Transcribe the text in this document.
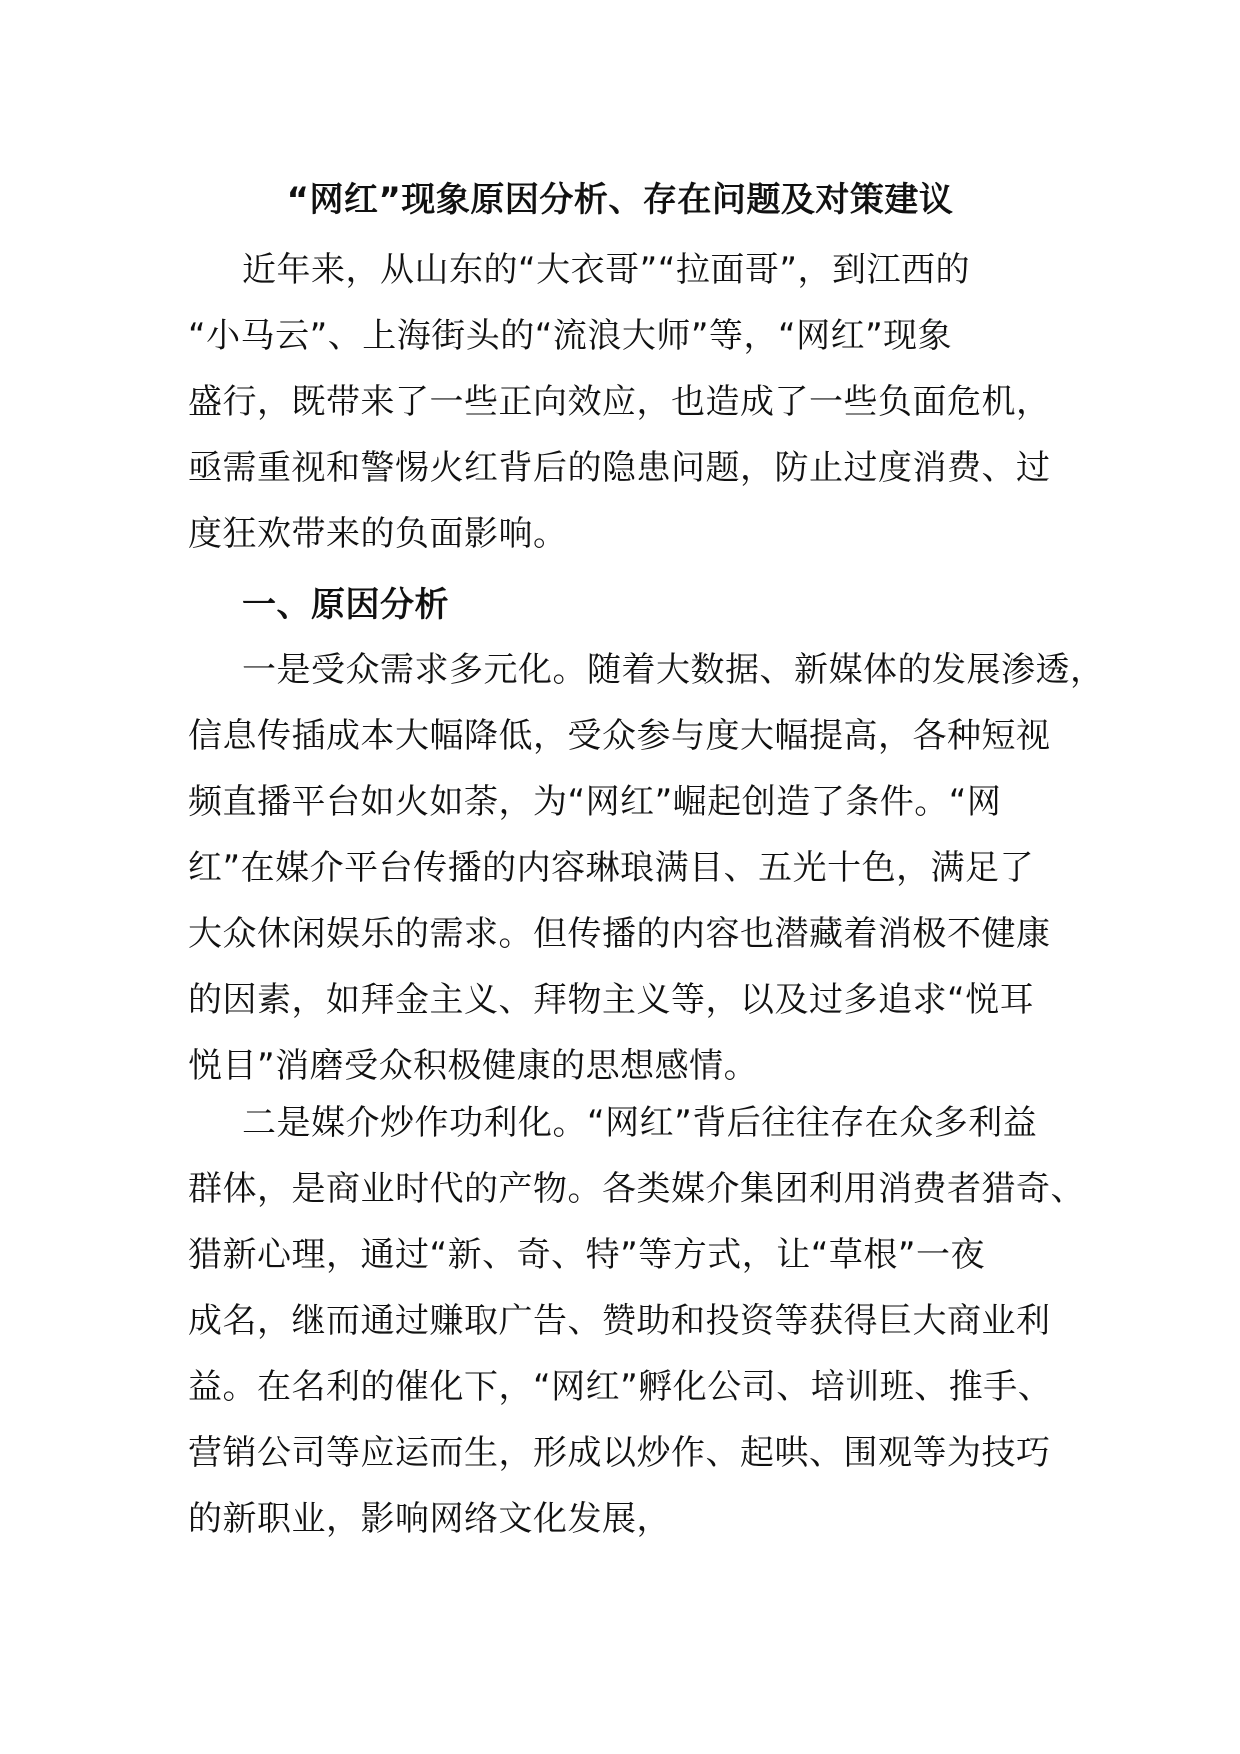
“网红”现象原因分析、存在问题及对策建议
近年来，从山东的“大衣哥”“拉面哥”，到江西的
“小马云”、上海街头的“流浪大师”等，“网红”现象
盛行，既带来了一些正向效应，也造成了一些负面危机，
亟需重视和警惕火红背后的隐患问题，防止过度消费、过
度狂欢带来的负面影响。
一、原因分析
一是受众需求多元化。随着大数据、新媒体的发展渗透，
信息传插成本大幅降低，受众参与度大幅提高，各种短视
频直播平台如火如荼，为“网红”崛起创造了条件。“网
红”在媒介平台传播的内容琳琅满目、五光十色，满足了
大众休闲娱乐的需求。但传播的内容也潜藏着消极不健康
的因素，如拜金主义、拜物主义等，以及过多追求“悦耳
悦目”消磨受众积极健康的思想感情。
二是媒介炒作功利化。“网红”背后往往存在众多利益
群体，是商业时代的产物。各类媒介集团利用消费者猎奇、
猎新心理，通过“新、奇、特”等方式，让“草根”一夜
成名，继而通过赚取广告、赞助和投资等获得巨大商业利
益。在名利的催化下，“网红”孵化公司、培训班、推手、
营销公司等应运而生，形成以炒作、起哄、围观等为技巧
的新职业，影响网络文化发展，
